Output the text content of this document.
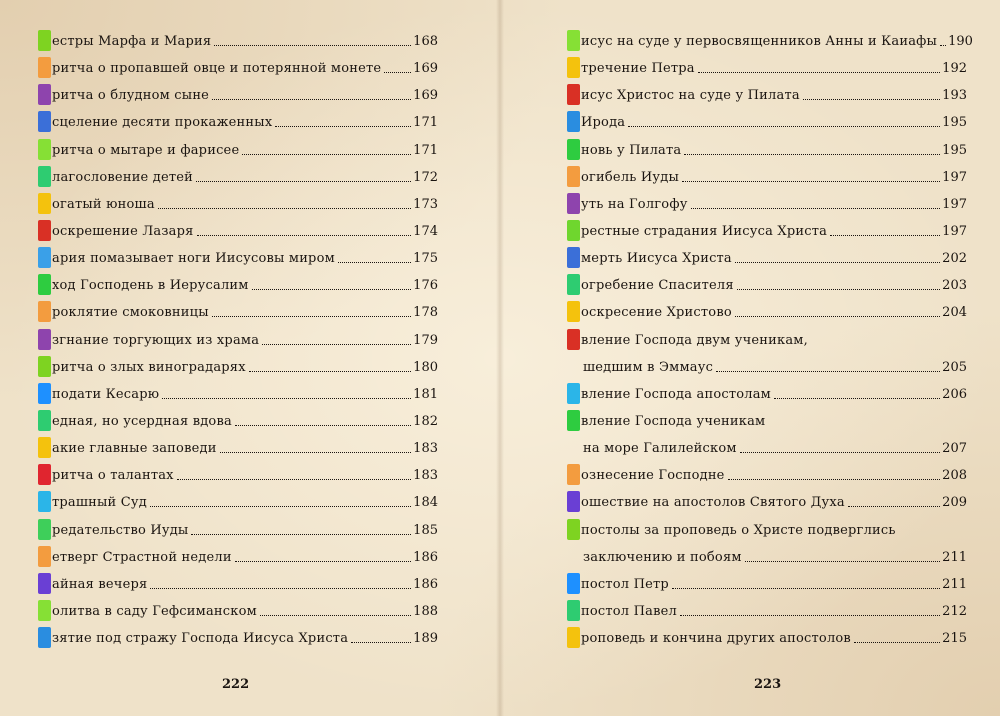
естры Марфа и Мария	168
ритча о пропавшей овце и потерянной монете 169
ритча о блудном сыне	169
сцеление десяти прокаженных	171
ритча о мытаре и фарисее	171
лагословение детей	172
огатый юноша	173
оскрешение Лазаря	174
ария помазывает ноги Иисусовы миром	175
ход Господень в Иерусалим	176
роклятие смоковницы	178
згнание торгующих из храма	179
ритча о злых виноградарях	180
подати Кесарю	181
едная, но усердная вдова	182
акие главные заповеди	183
ритча о талантах	183
трашный Суд	184
редательство Иуды	185
етверг Страстной недели	186
айная вечеря	186
олитва в саду Гефсиманском	188
зятие под стражу Господа Иисуса Христа	189
исус на суде у первосвященников Анны и Каиафы 190
тречение Петра	192
исус Христос на суде у Пилата	193
Ирода	195
новь у Пилата	195
огибель Иуды	197
уть на Голгофу	197
рестные страдания Иисуса Христа	197
мерть Иисуса Христа	202
огребение Спасителя	203
оскресение Христово	204
вление Господа двум ученикам,
шедшим в Эммаус	205
вление Господа апостолам	206
вление Господа ученикам
на море Галилейском	207
ознесение Господне	208
ошествие на апостолов Святого Духа	209
постолы за проповедь о Христе подверглись
заключению и побоям	211
постол Петр	211
постол Павел	212
роповедь и кончина других апостолов	215
222	223
